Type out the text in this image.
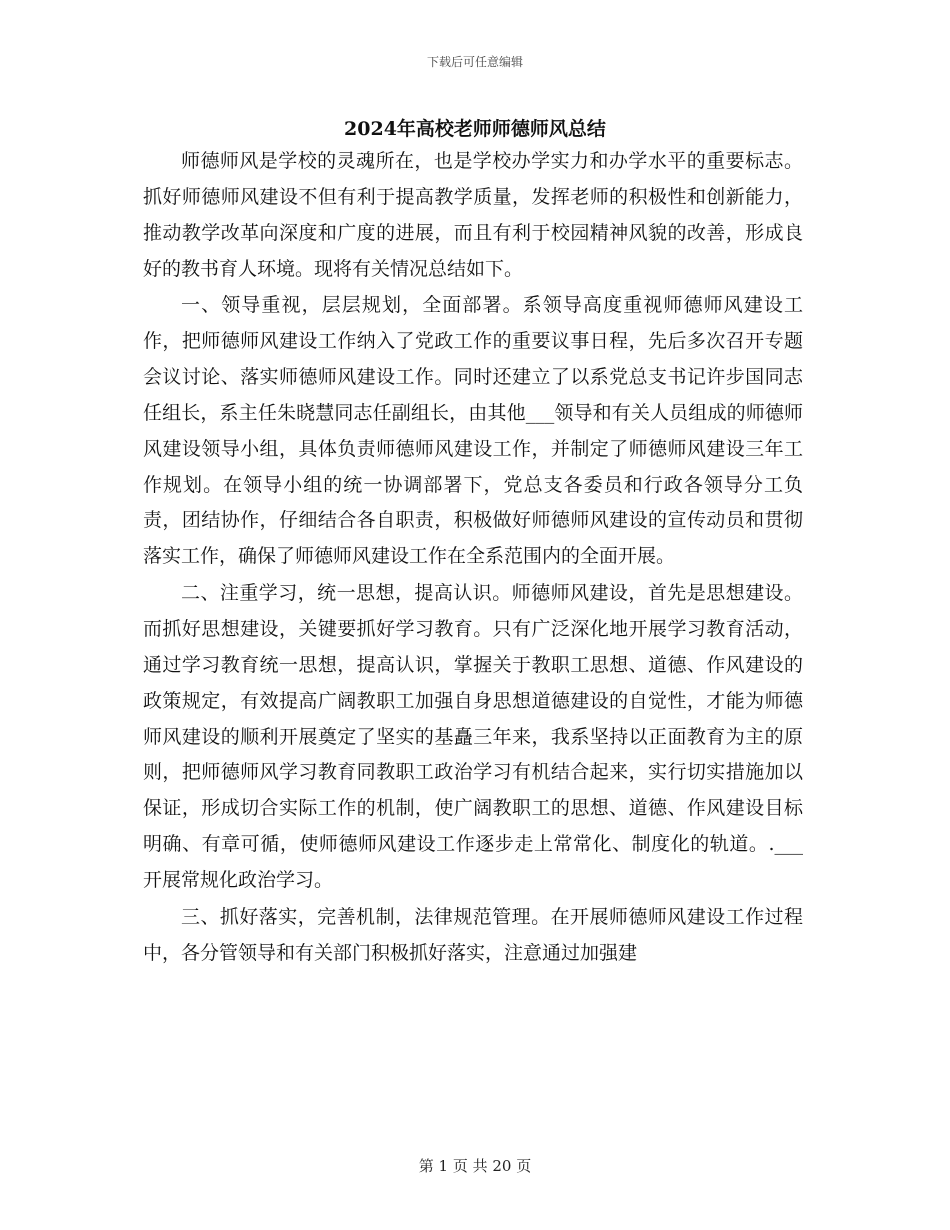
下载后可任意编辑
2024年高校老师师德师风总结

师德师风是学校的灵魂所在，也是学校办学实力和办学水平的重要标志。抓好师德师风建设不但有利于提高教学质量，发挥老师的积极性和创新能力，推动教学改革向深度和广度的进展，而且有利于校园精神风貌的改善，形成良好的教书育人环境。现将有关情况总结如下。

一、领导重视，层层规划，全面部署。系领导高度重视师德师风建设工作，把师德师风建设工作纳入了党政工作的重要议事日程，先后多次召开专题会议讨论、落实师德师风建设工作。同时还建立了以系党总支书记许步国同志任组长，系主任朱晓慧同志任副组长，由其他___领导和有关人员组成的师德师风建设领导小组，具体负责师德师风建设工作，并制定了师德师风建设三年工作规划。在领导小组的统一协调部署下，党总支各委员和行政各领导分工负责，团结协作，仔细结合各自职责，积极做好师德师风建设的宣传动员和贯彻落实工作，确保了师德师风建设工作在全系范围内的全面开展。

二、注重学习，统一思想，提高认识。师德师风建设，首先是思想建设。而抓好思想建设，关键要抓好学习教育。只有广泛深化地开展学习教育活动，通过学习教育统一思想，提高认识，掌握关于教职工思想、道德、作风建设的政策规定，有效提高广阔教职工加强自身思想道德建设的自觉性，才能为师德师风建设的顺利开展奠定了坚实的基矗三年来，我系坚持以正面教育为主的原则，把师德师风学习教育同教职工政治学习有机结合起来，实行切实措施加以保证，形成切合实际工作的机制，使广阔教职工的思想、道德、作风建设目标明确、有章可循，使师德师风建设工作逐步走上常常化、制度化的轨道。.___开展常规化政治学习。

三、抓好落实，完善机制，法律规范管理。在开展师德师风建设工作过程中，各分管领导和有关部门积极抓好落实，注意通过加强建

第 1 页 共 20 页
